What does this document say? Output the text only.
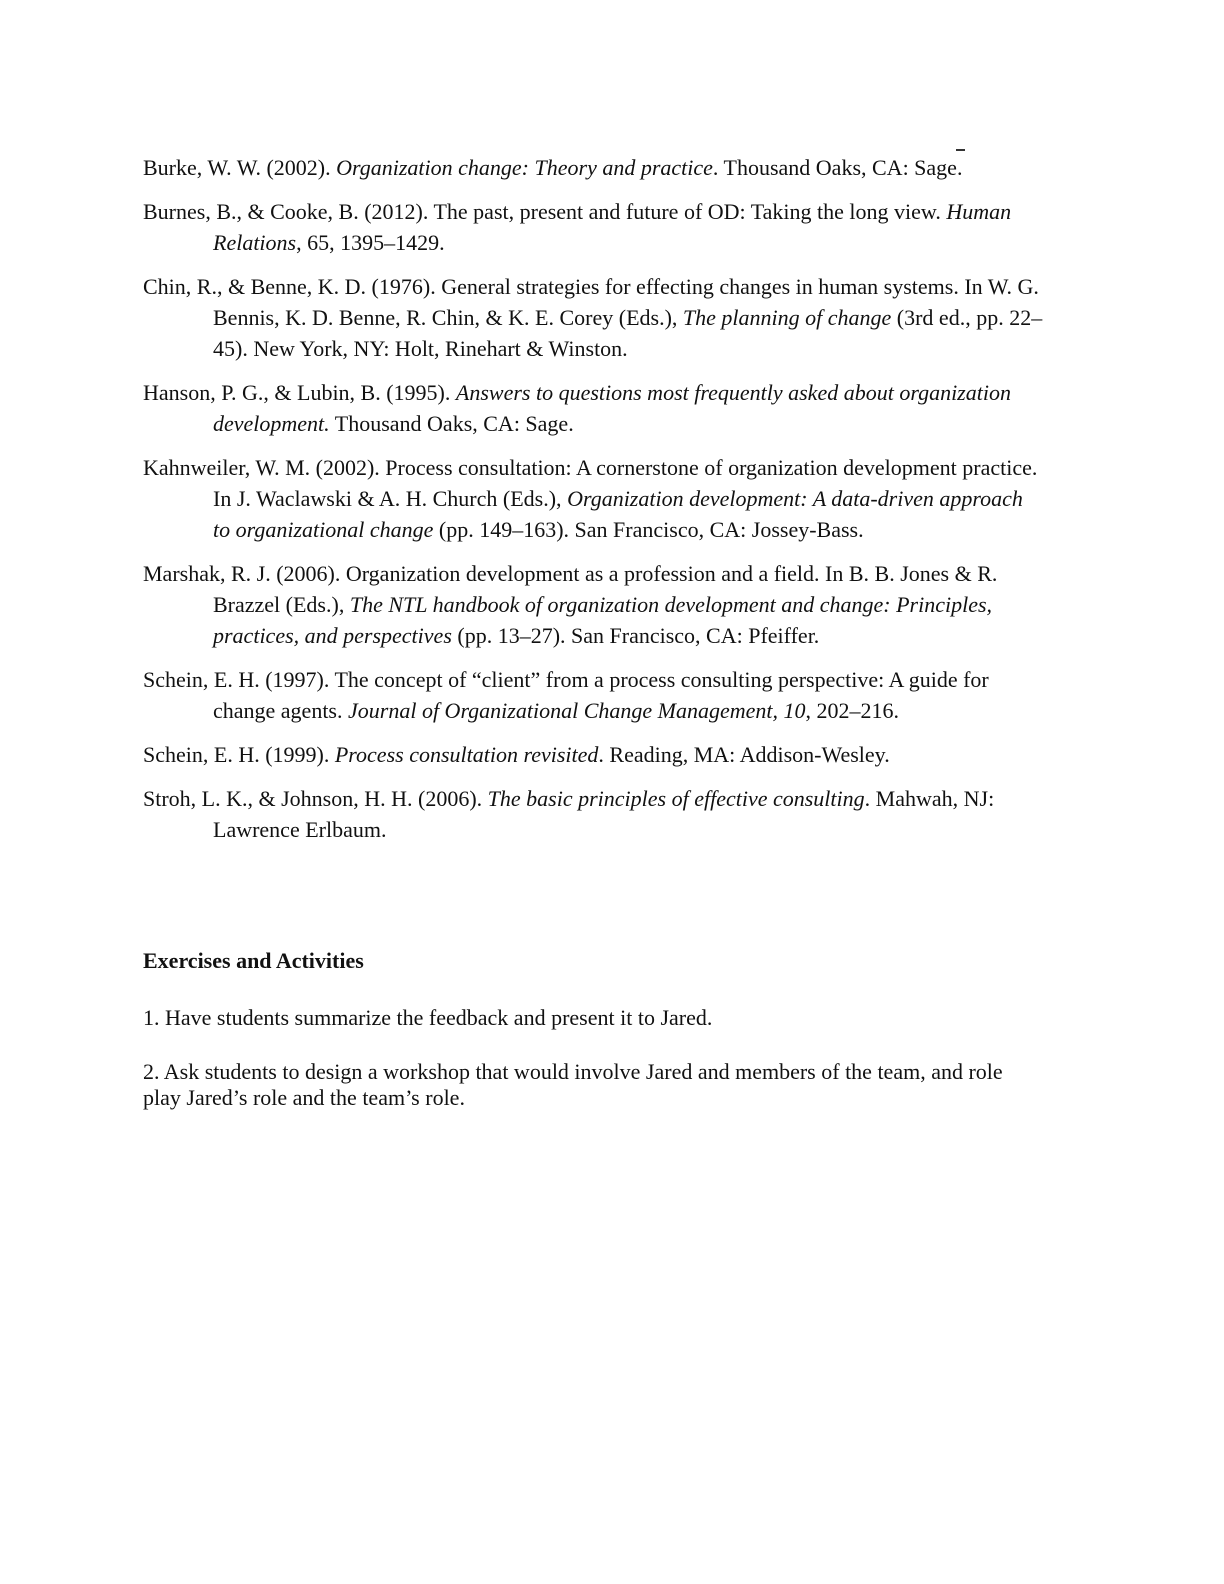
Burke, W. W. (2002). Organization change: Theory and practice. Thousand Oaks, CA: Sage.
Burnes, B., & Cooke, B. (2012). The past, present and future of OD: Taking the long view. Human Relations, 65, 1395–1429.
Chin, R., & Benne, K. D. (1976). General strategies for effecting changes in human systems. In W. G. Bennis, K. D. Benne, R. Chin, & K. E. Corey (Eds.), The planning of change (3rd ed., pp. 22–45). New York, NY: Holt, Rinehart & Winston.
Hanson, P. G., & Lubin, B. (1995). Answers to questions most frequently asked about organization development. Thousand Oaks, CA: Sage.
Kahnweiler, W. M. (2002). Process consultation: A cornerstone of organization development practice. In J. Waclawski & A. H. Church (Eds.), Organization development: A data-driven approach to organizational change (pp. 149–163). San Francisco, CA: Jossey-Bass.
Marshak, R. J. (2006). Organization development as a profession and a field. In B. B. Jones & R. Brazzel (Eds.), The NTL handbook of organization development and change: Principles, practices, and perspectives (pp. 13–27). San Francisco, CA: Pfeiffer.
Schein, E. H. (1997). The concept of “client” from a process consulting perspective: A guide for change agents. Journal of Organizational Change Management, 10, 202–216.
Schein, E. H. (1999). Process consultation revisited. Reading, MA: Addison-Wesley.
Stroh, L. K., & Johnson, H. H. (2006). The basic principles of effective consulting. Mahwah, NJ: Lawrence Erlbaum.
Exercises and Activities

1. Have students summarize the feedback and present it to Jared.

2. Ask students to design a workshop that would involve Jared and members of the team, and role play Jared’s role and the team’s role.
